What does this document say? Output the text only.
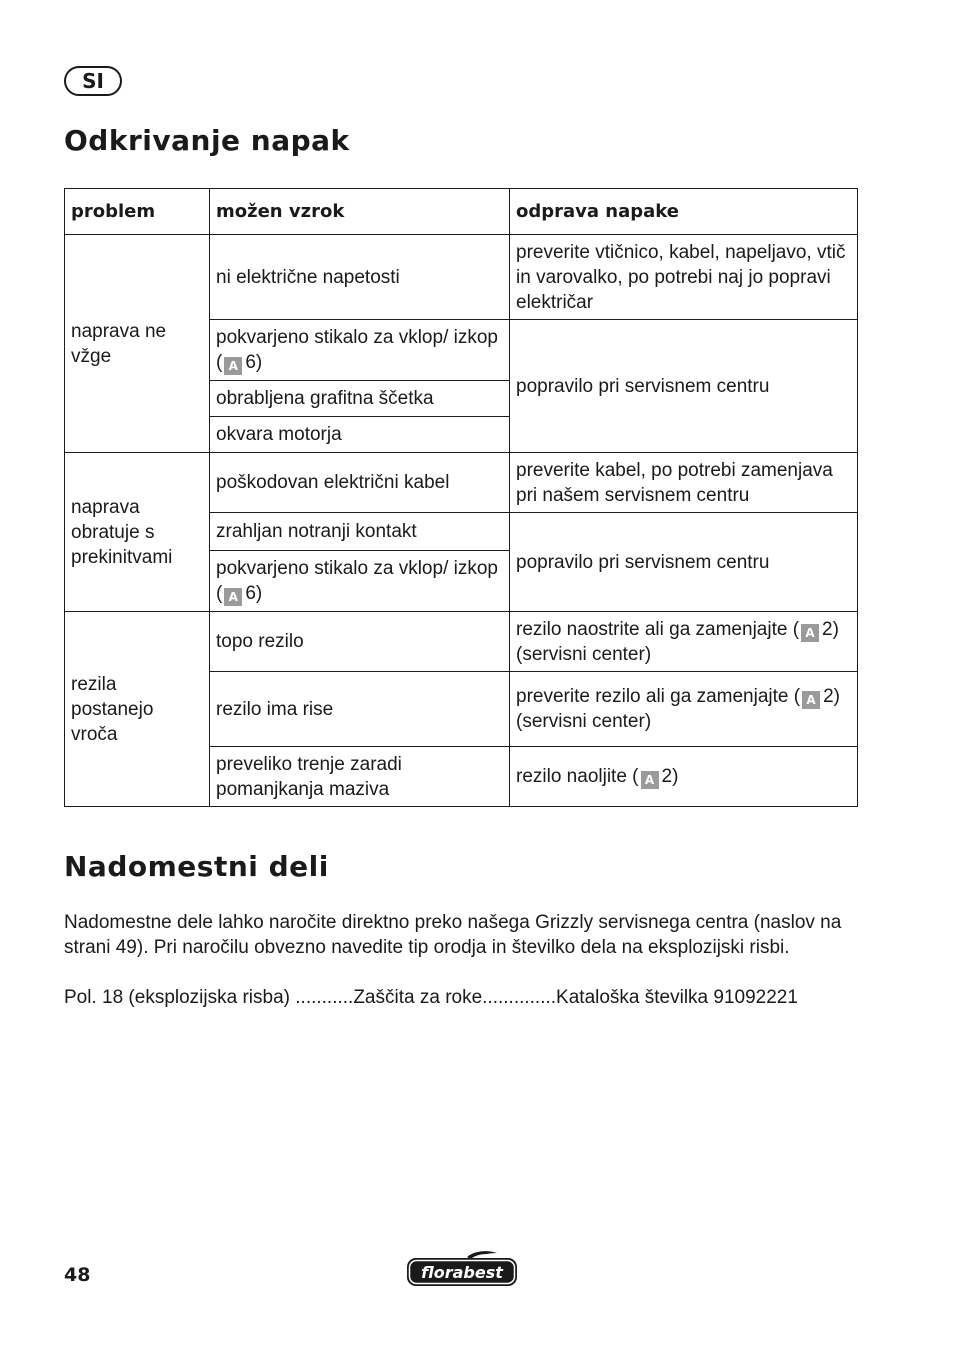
SI
Odkrivanje napak
problem	možen vzrok	odprava napake
naprava ne vžge	ni električne napetosti	preverite vtičnico, kabel, napeljavo, vtič in varovalko, po potrebi naj jo popravi električar
	pokvarjeno stikalo za vklop/ izkop ( A 6)	popravilo pri servisnem centru
	obrabljena grafitna ščetka	
	okvara motorja	
naprava obratuje s prekinitvami	poškodovan električni kabel	preverite kabel, po potrebi zamenjava pri našem servisnem centru
	zrahljan notranji kontakt	popravilo pri servisnem centru
	pokvarjeno stikalo za vklop/ izkop ( A 6)	
rezila postanejo vroča	topo rezilo	rezilo naostrite ali ga zamenjajte ( A 2) (servisni center)
	rezilo ima rise	preverite rezilo ali ga zamenjajte ( A 2) (servisni center)
	preveliko trenje zaradi pomanjkanja maziva	rezilo naoljite ( A 2)
Nadomestni deli

Nadomestne dele lahko naročite direktno preko našega Grizzly servisnega centra (naslov na strani 49). Pri naročilu obvezno navedite tip orodja in številko dela na eksplozijski risbi.

Pol. 18 (eksplozijska risba) ...........Zaščita za roke..............Kataloška številka 91092221

48	florabest
